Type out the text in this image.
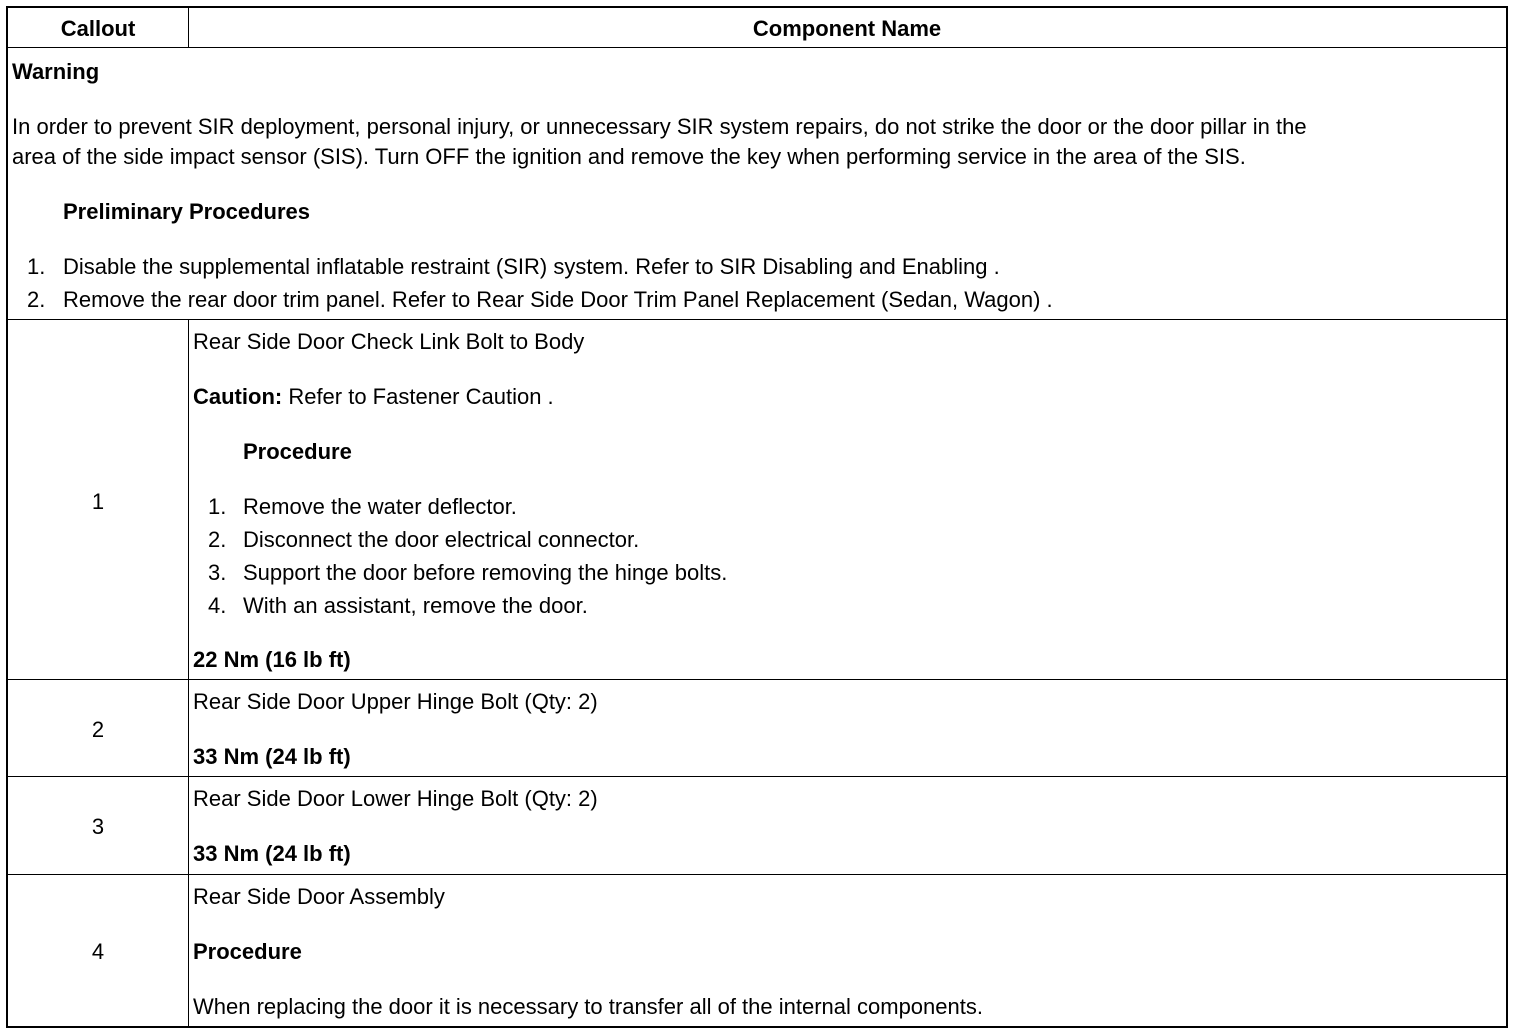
Callout	Component Name
Warning
In order to prevent SIR deployment, personal injury, or unnecessary SIR system repairs, do not strike the door or the door pillar in the
area of the side impact sensor (SIS). Turn OFF the ignition and remove the key when performing service in the area of the SIS.
Preliminary Procedures
1. Disable the supplemental inflatable restraint (SIR) system. Refer to SIR Disabling and Enabling .
2. Remove the rear door trim panel. Refer to Rear Side Door Trim Panel Replacement (Sedan, Wagon) .
1
Rear Side Door Check Link Bolt to Body
Caution: Refer to Fastener Caution .
Procedure
1. Remove the water deflector.
2. Disconnect the door electrical connector.
3. Support the door before removing the hinge bolts.
4. With an assistant, remove the door.
22 Nm (16 lb ft)
2
Rear Side Door Upper Hinge Bolt (Qty: 2)
33 Nm (24 lb ft)
3
Rear Side Door Lower Hinge Bolt (Qty: 2)
33 Nm (24 lb ft)
4
Rear Side Door Assembly
Procedure
When replacing the door it is necessary to transfer all of the internal components.
